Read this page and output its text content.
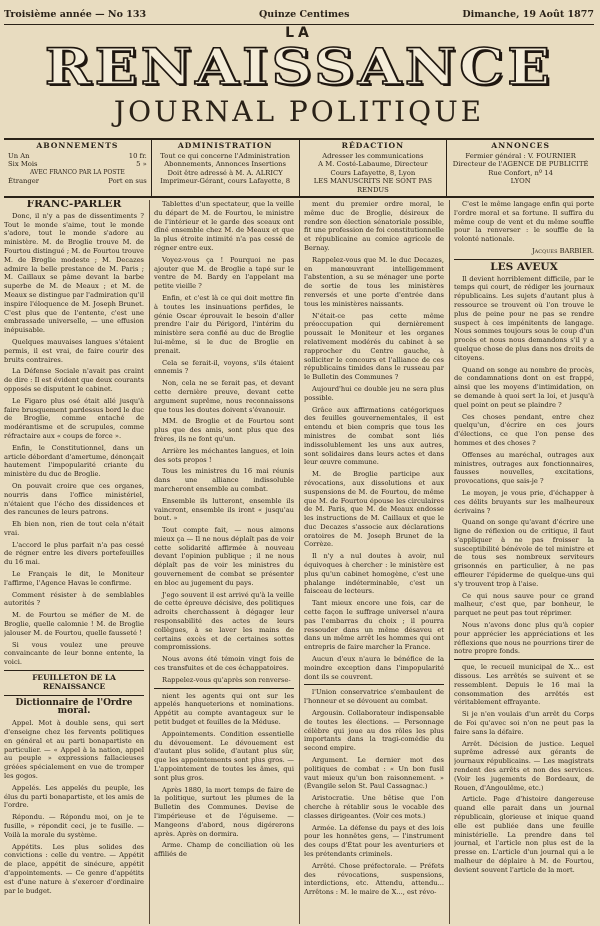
Troisième année — No 133	Quinze Centimes	Dimanche, 19 Août 1877
LA
RENAISSANCE
JOURNAL POLITIQUE
ABONNEMENTS
Un An	10 fr.
Six Mois	5 »
AVEC FRANCO PAR LA POSTE
Étranger	Port en sus
ADMINISTRATION
Tout ce qui concerne l'Administration
Abonnements, Annonces Insertions
Doit être adressé à M. A. ALRICY
Imprimeur-Gérant, cours Lafayette, 8
RÉDACTION
Adresser les communications
A M. Costé-Labaume, Directeur
Cours Lafayette, 8, Lyon
LES MANUSCRITS NE SONT PAS RENDUS
ANNONCES
Fermier général : V. FOURNIER
Directeur de l'AGENCE DE PUBLICITÉ
Rue Confort, nº 14
LYON

FRANC-PARLER

Donc, il n'y a pas de dissentiments ? Tout le monde s'aime, tout le monde s'adore, tout le monde s'adore au ministère. M. de Broglie trouve M. de Fourtou distingué ; M. de Fourtou trouve M. de Broglie modeste ; M. Decazes admire la belle prestance de M. Paris ; M. Caillaux se pâme devant la barbe superbe de M. de Meaux ; et M. de Meaux se distingue par l'admiration qu'il inspire l'éloquence de M. Joseph Brunet. C'est plus que de l'entente, c'est une embrassade universelle, — une effusion inépuisable.

Quelques mauvaises langues s'étaient permis, il est vrai, de faire courir des bruits contraires.

La Défense Sociale n'avait pas craint de dire : Il est évident que deux courants opposés se disputent le cabinet.

Le Figaro plus osé était allé jusqu'à faire brusquement pardessus bord le duc de Broglie, comme entaché de modérantisme et de scrupules, comme réfractaire aux « coups de force ».

Enfin, le Constitutionnel, dans un article débordant d'amertume, dénonçait hautement l'impopularité criante du ministère du duc de Broglie.

On pouvait croire que ces organes, nourris dans l'office ministériel, n'étaient que l'écho des dissidences et des rancunes de leurs patrons.

Eh bien non, rien de tout cela n'était vrai.

L'accord le plus parfait n'a pas cessé de régner entre les divers portefeuilles du 16 mai.

Le Français le dit, le Moniteur l'affirme, l'Agence Havas le confirme.

Comment résister à de semblables autorités ?

M. de Fourtou se méfier de M. de Broglie, quelle calomnie ! M. de Broglie jalouser M. de Fourtou, quelle fausseté !

Si vous voulez une preuve convaincante de leur bonne entente, la voici.

FEUILLETON DE LA RENAISSANCE

Dictionnaire de l'Ordre moral.

Appel. Mot à double sens, qui sert d'enseigne chez les fervents politiques en général et au parti bonapartiste en particulier. — « Appel à la nation, appel au peuple » expressions fallacieuses gréées spécialement en vue de tromper les gogos.

Appelés. Les appelés du peuple, les élus du parti bonapartiste, et les amis de l'ordre.

Répondu. — Répondu moi, on je te fusille, » répondit ceci, je te fusille. — Voilà la morale du système.

Appétits. Les plus solides des convictions : celle du ventre. — Appétit de place, appétit de sinécure, appétit d'appointements. — Ce genre d'appétits est d'une nature à s'exercer d'ordinaire par le budget.

Tablettes d'un spectateur, que la veille du départ de M. de Fourtou, le ministre de l'intérieur et le garde des sceaux ont dîné ensemble chez M. de Meaux et que la plus étroite intimité n'a pas cessé de régner entre eux.

Voyez-vous ça ! Pourquoi ne pas ajouter que M. de Broglie a tapé sur le ventre de M. Bardy en l'appelant ma petite vieille ?

Enfin, et c'est là ce qui doit mettre fin à toutes les insinuations perfides, le génie Oscar éprouvait le besoin d'aller prendre l'air du Périgord, l'intérim du ministère sera confié au duc de Broglie lui-même, si le duc de Broglie en prenait.

Cela se ferait-il, voyons, s'ils étaient ennemis ?

Non, cela ne se ferait pas, et devant cette dernière preuve, devant cette argument suprême, nous reconnaissons que tous les doutes doivent s'évanouir.

MM. de Broglie et de Fourtou sont plus que des amis, sont plus que des frères, ils ne font qu'un.

Arrière les méchantes langues, et loin des sots propos !

Tous les ministres du 16 mai réunis dans une alliance indissoluble marcheront ensemble au combat.

Ensemble ils lutteront, ensemble ils vaincront, ensemble ils iront « jusqu'au bout. »

Tout compte fait, — nous aimons mieux ça — Il ne nous déplaît pas de voir cette solidarité affirmée à nouveau devant l'opinion publique ; il ne nous déplaît pas de voir les ministres du gouvernement de combat se présenter en bloc au jugement du pays.

J'ego souvent il est arrivé qu'à la veille de cette épreuve décisive, des politiques adroits cherchassent à dégager leur responsabilité des actes de leurs collègues, à se laver les mains de certains excès et de certaines sottes compromissions.

Nous avons été témoin vingt fois de ces transfuites et de ces échappatoires.

Rappelez-vous qu'après son renverse-

nient les agents qui ont sur les appelés hanqueterions et nominations. Appétit au compte avantageux sur le petit budget et feuilles de la Méduse.

Appointements. Condition essentielle du dévouement. Le dévouement est d'autant plus solide, d'autant plus sûr, que les appointements sont plus gros. — L'appointement de toutes les âmes, qui sont plus gros.

Après 1880, la mort temps de faire de la politique, surtout les plumes de la Bulletin des Communes. Devise de l'impérieuse et de l'éguiseme. — Mangeons d'abord, nous digérerons après. Après on dormira.

Arme. Champ de conciliation où les affiliés de

ment du premier ordre moral, le même duc de Broglie, désireux de rendre son élection sénatoriale possible, fit une profession de foi constitutionnelle et républicaine au comice agricole de Bernay.

Rappelez-vous que M. le duc Decazes, en manœuvrant intelligemment l'abstention, a su se ménager une porte de sortie de tous les ministères renversés et une porte d'entrée dans tous les ministères naissants.

N'était-ce pas cette même préoccupation qui dernièrement poussait le Moniteur et les organes relativement modérés du cabinet à se rapprocher du Centre gauche, à solliciter le concours et l'alliance de ces républicains timides dans le russeau par le Bulletin des Communes ?

Aujourd'hui ce double jeu ne sera plus possible.

Grâce aux affirmations catégoriques des feuilles gouvernementales, il est entendu et bien compris que tous les ministres de combat sont liés indissolublement les uns aux autres, sont solidaires dans leurs actes et dans leur œuvre commune.

M. de Broglie participe aux révocations, aux dissolutions et aux suspensions de M. de Fourtou, de même que M. de Fourtou épouse les circulaires de M. Paris, que M. de Meaux endosse les instructions de M. Caillaux et que le duc Decazes s'associe aux déclarations oratoires de M. Joseph Brunet de la Corrèze.

Il n'y a nul doutes à avoir, nul équivoques à chercher : le ministère est plus qu'un cabinet homogène, c'est une phalange indéterminable, c'est un faisceau de lecteurs.

Tant mieux encore une fois, car de cette façon le suffrage universel n'aura pas l'embarras du choix ; il pourra ressouder dans un même désaveu et dans un même arrêt les hommes qui ont entrepris de faire marcher la France.

Aucun d'eux n'aura le bénéfice de la moindre exception dans l'impopularité dont ils se couvrent.

l'Union conservatrice s'embaulent de l'honneur et se dévouent au combat.

Argousin. Collaborateur indispensable de toutes les élections. — Personnage célèbre qui joue au dos rôles les plus importants dans la tragi-comédie du second empire.

Argument. Le dernier mot des politiques de combat : « Un bon fusil vaut mieux qu'un bon raisonnement. » (Évangile selon St. Paul Cassagnac.)

Aristocratie. Une bêtise que l'on cherche à rétablir sous le vocable des classes dirigeantes. (Voir ces mots.)

Armée. La défense du pays et des lois pour les honnêtes gens, — l'instrument des coups d'État pour les aventuriers et les prétendants criminels.

Arrêté. Chose préfectorale. — Préfets des révocations, suspensions, interdictions, etc. Attendu, attendu... Arrêtons : M. le maire de X..., est révo-

C'est le même langage enfin qui porte l'ordre moral et sa fortune. Il suffira du même coup de vent et du même souffle pour la renverser : le souffle de la volonté nationale.

Jacques BARBIER.

LES AVEUX

Il devient horriblement difficile, par le temps qui court, de rédiger les journaux républicains. Les sujets d'autant plus à ressource se trouvent où l'on trouve le plus de peine pour ne pas se rendre suspect à ces impénitents de langage. Nous sommes toujours sous le coup d'un procès et nous nous demandons s'il y a quelque chose de plus dans nos droits de citoyens.

Quand on songe au nombre de procès, de condamnations dont on est frappé, ainsi que les moyens d'intimidation, on se demande à quoi sert la loi, et jusqu'à quel point on peut se plaindre ?

Ces choses pendant, entre chez quelqu'un, d'écrire en ces jours d'élections, ce que l'on pense des hommes et des choses ?

Offenses au maréchal, outrages aux ministres, outrages aux fonctionnaires, fausses nouvelles, excitations, provocations, que sais-je ?

Le moyen, je vous prie, d'échapper à ces délits bruyants sur les malheureux écrivains ?

Quand on songe qu'avant d'écrire une ligne de réflexion ou de critique, il faut s'appliquer à ne pas froisser la susceptibilité bénévole de tel ministre et de tous ses nombreux serviteurs grisonnés en particulier, à ne pas effleurer l'épiderme de quelque-uns qui s'y trouvent trop à l'aise.

Ce qui nous sauve pour ce grand malheur, c'est que, par bonheur, le parquet ne peut pas tout réprimer.

Nous n'avons donc plus qu'à copier pour apprécier les appréciations et les réflexions que nous ne pourrions tirer de notre propre fonds.

que, le recueil municipal de X... est dissous. Les arrêtés se suivent et se ressemblent. Depuis le 16 mai la consommation des arrêtés est véritablement effrayante.

Si je n'en voulais d'un arrêt du Corps de Foi qu'avec soi n'on ne peut pas la faire sans la défaire.

Arrêt. Décision de justice. Lequel suprême adressé aux gérants de journaux républicains. — Les magistrats rendent des arrêts et non des services. (Voir les jugements de Bordeaux, de Rouen, d'Angoulême, etc.)

Article. Page d'histoire dangereuse quand elle parait dans un journal républicain, glorieuse et inique quand elle est publiée dans une feuille ministérielle. La prendre dans tel journal, et l'article non plus est de la presse en. L'article d'un journal qui a le malheur de déplaire à M. de Fourtou, devient souvent l'article de la mort.
